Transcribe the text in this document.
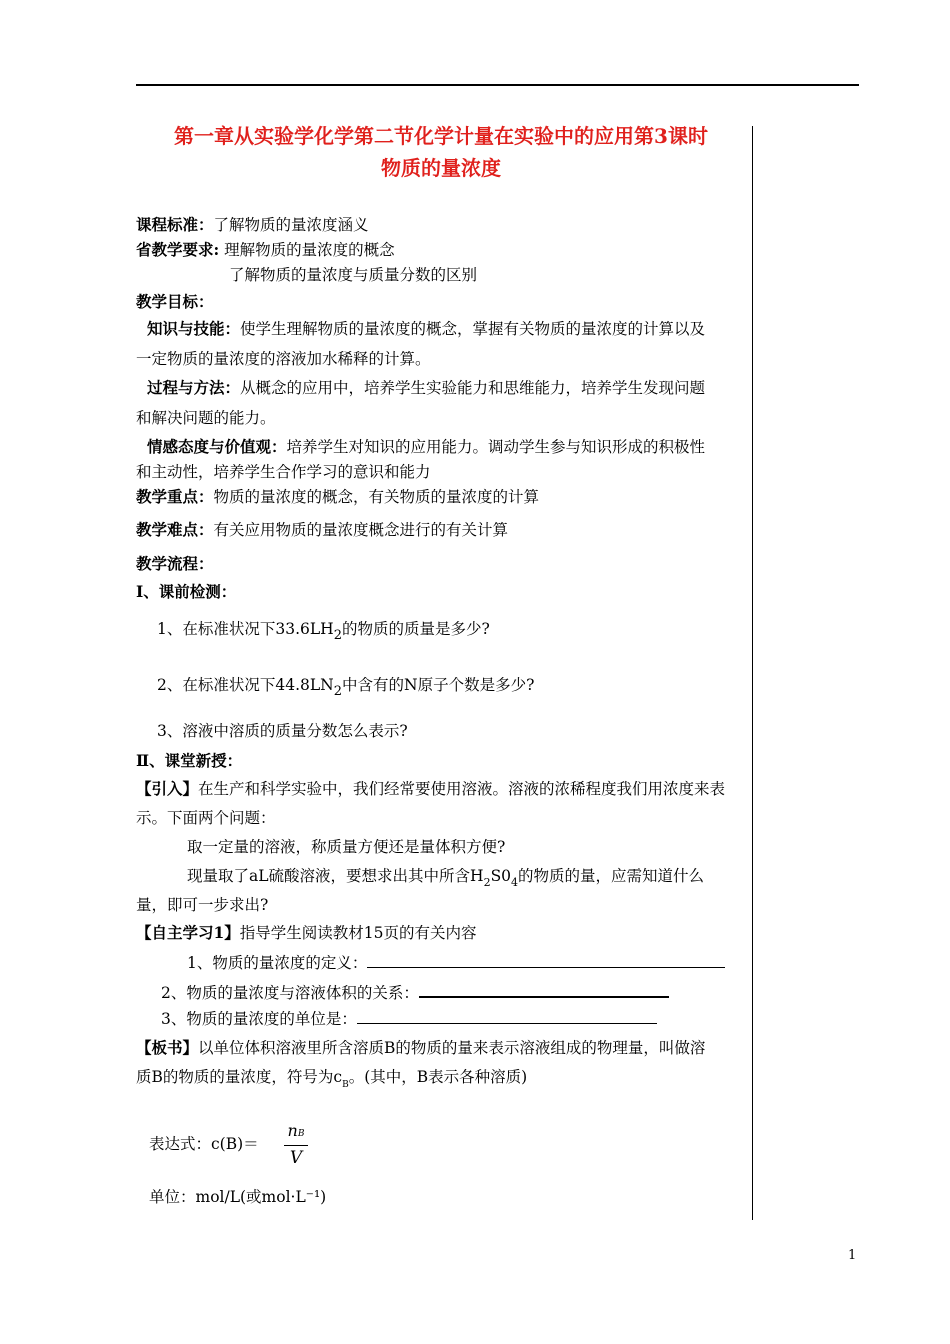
第一章从实验学化学第二节化学计量在实验中的应用第3课时
物质的量浓度
课程标准：了解物质的量浓度涵义
省教学要求: 理解物质的量浓度的概念
了解物质的量浓度与质量分数的区别
教学目标：
知识与技能：使学生理解物质的量浓度的概念，掌握有关物质的量浓度的计算以及
一定物质的量浓度的溶液加水稀释的计算。
过程与方法：从概念的应用中，培养学生实验能力和思维能力，培养学生发现问题
和解决问题的能力。
情感态度与价值观：培养学生对知识的应用能力。调动学生参与知识形成的积极性
和主动性，培养学生合作学习的意识和能力
教学重点：物质的量浓度的概念，有关物质的量浓度的计算
教学难点：有关应用物质的量浓度概念进行的有关计算
教学流程：
Ⅰ、课前检测：
1、在标准状况下$33.6LH_2$的物质的质量是多少?
2、在标准状况下$44.8LN_2$中含有的N原子个数是多少?
3、溶液中溶质的质量分数怎么表示?
Ⅱ、课堂新授：
【引入】在生产和科学实验中，我们经常要使用溶液。溶液的浓稀程度我们用浓度来表
示。下面两个问题：
取一定量的溶液，称质量方便还是量体积方便?
现量取了aL硫酸溶液，要想求出其中所含$H_2S0_4$的物质的量，应需知道什么
量，即可一步求出?
【自主学习1】指导学生阅读教材15页的有关内容
1、物质的量浓度的定义：
2、物质的量浓度与溶液体积的关系：
3、物质的量浓度的单位是：
【板书】以单位体积溶液里所含溶质B的物质的量来表示溶液组成的物理量，叫做溶
质B的物质的量浓度，符号为$c_B$。(其中，B表示各种溶质)
表达式：c(B)＝
nB
V
单位：mol/L(或mol·L⁻¹)
1
